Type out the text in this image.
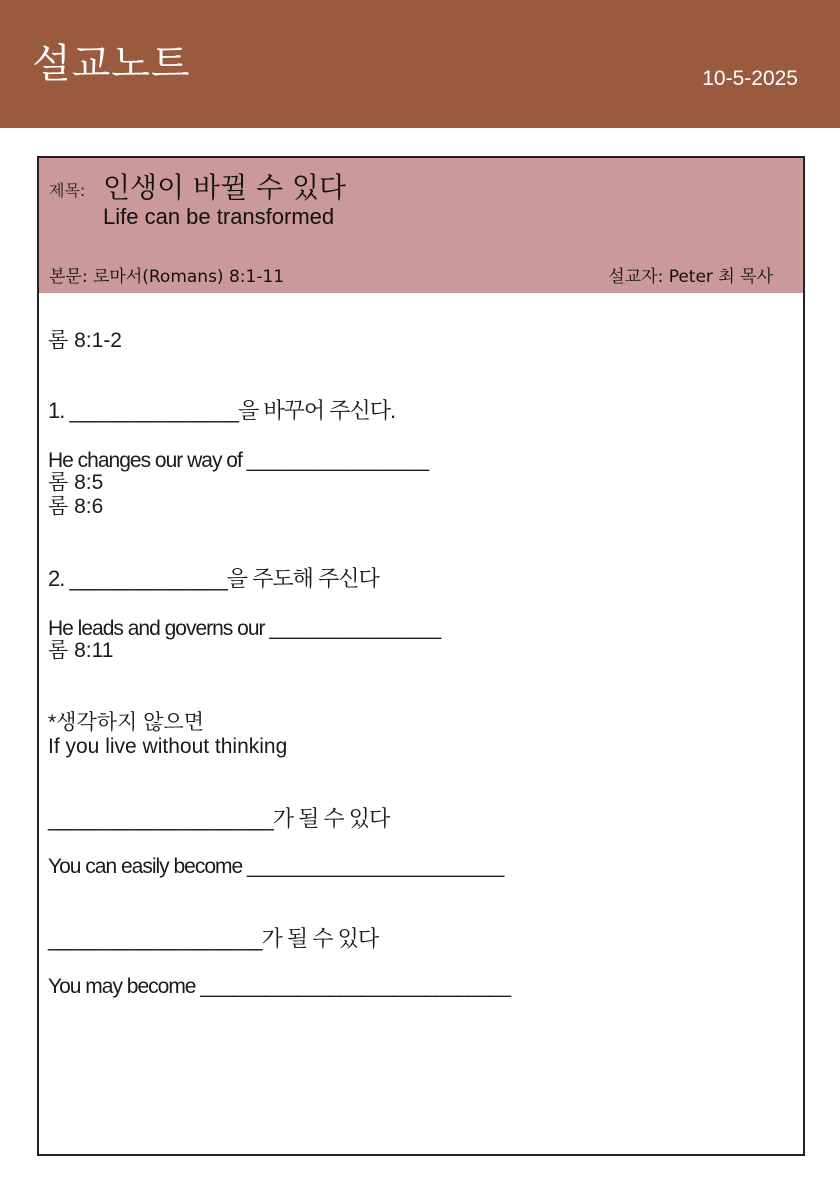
설교노트	10-5-2025
제목: 인생이 바뀔 수 있다
Life can be transformed
본문: 로마서(Romans) 8:1-11	설교자: Peter 최 목사
롬 8:1-2
1. _______________을 바꾸어 주신다.
He changes our way of _________________
롬 8:5
롬 8:6
2. ______________을 주도해 주신다
He leads and governs our ________________
롬 8:11
*생각하지 않으면
If you live without thinking
____________________가 될 수 있다
You can easily become ________________________
___________________가 될 수 있다
You may become _____________________________
